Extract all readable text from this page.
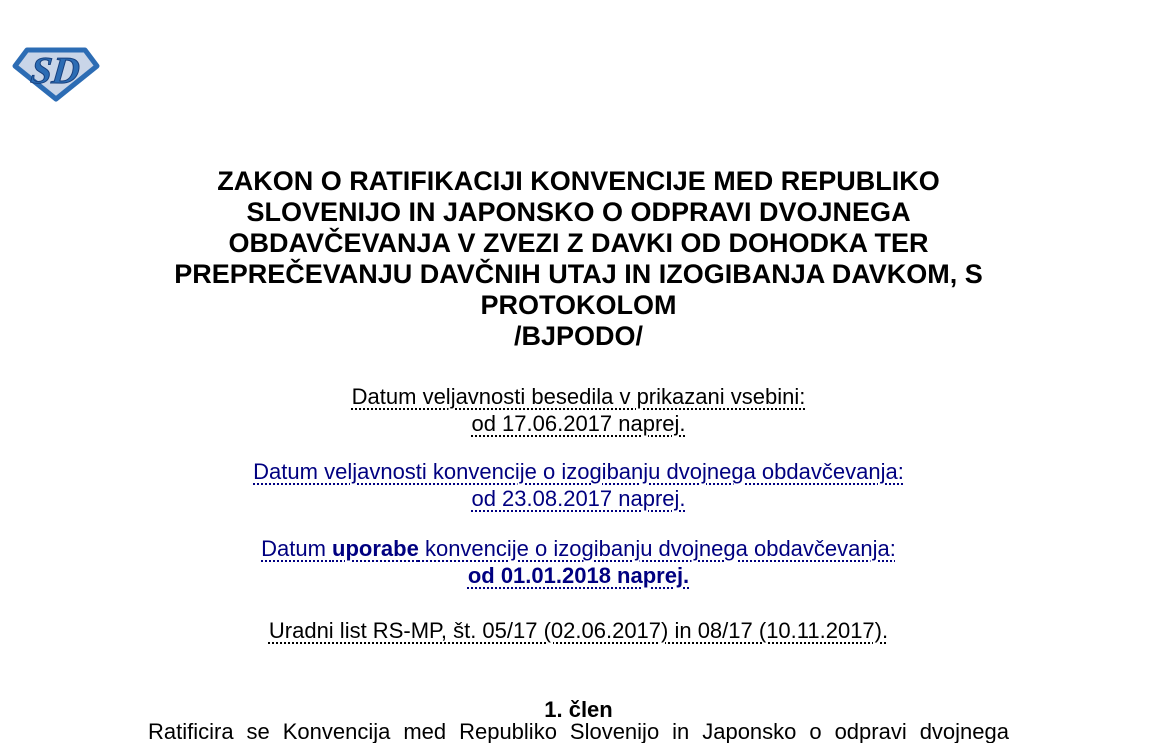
SD
ZAKON O RATIFIKACIJI KONVENCIJE MED REPUBLIKO
SLOVENIJO IN JAPONSKO O ODPRAVI DVOJNEGA
OBDAVČEVANJA V ZVEZI Z DAVKI OD DOHODKA TER
PREPREČEVANJU DAVČNIH UTAJ IN IZOGIBANJA DAVKOM, S
PROTOKOLOM
/BJPODO/
Datum veljavnosti besedila v prikazani vsebini:
od 17.06.2017 naprej.
Datum veljavnosti konvencije o izogibanju dvojnega obdavčevanja:
od 23.08.2017 naprej.
Datum uporabe konvencije o izogibanju dvojnega obdavčevanja:
od 01.01.2018 naprej.
Uradni list RS-MP, št. 05/17 (02.06.2017) in 08/17 (10.11.2017).
1. člen
Ratificira se Konvencija med Republiko Slovenijo in Japonsko o odpravi dvojnega
